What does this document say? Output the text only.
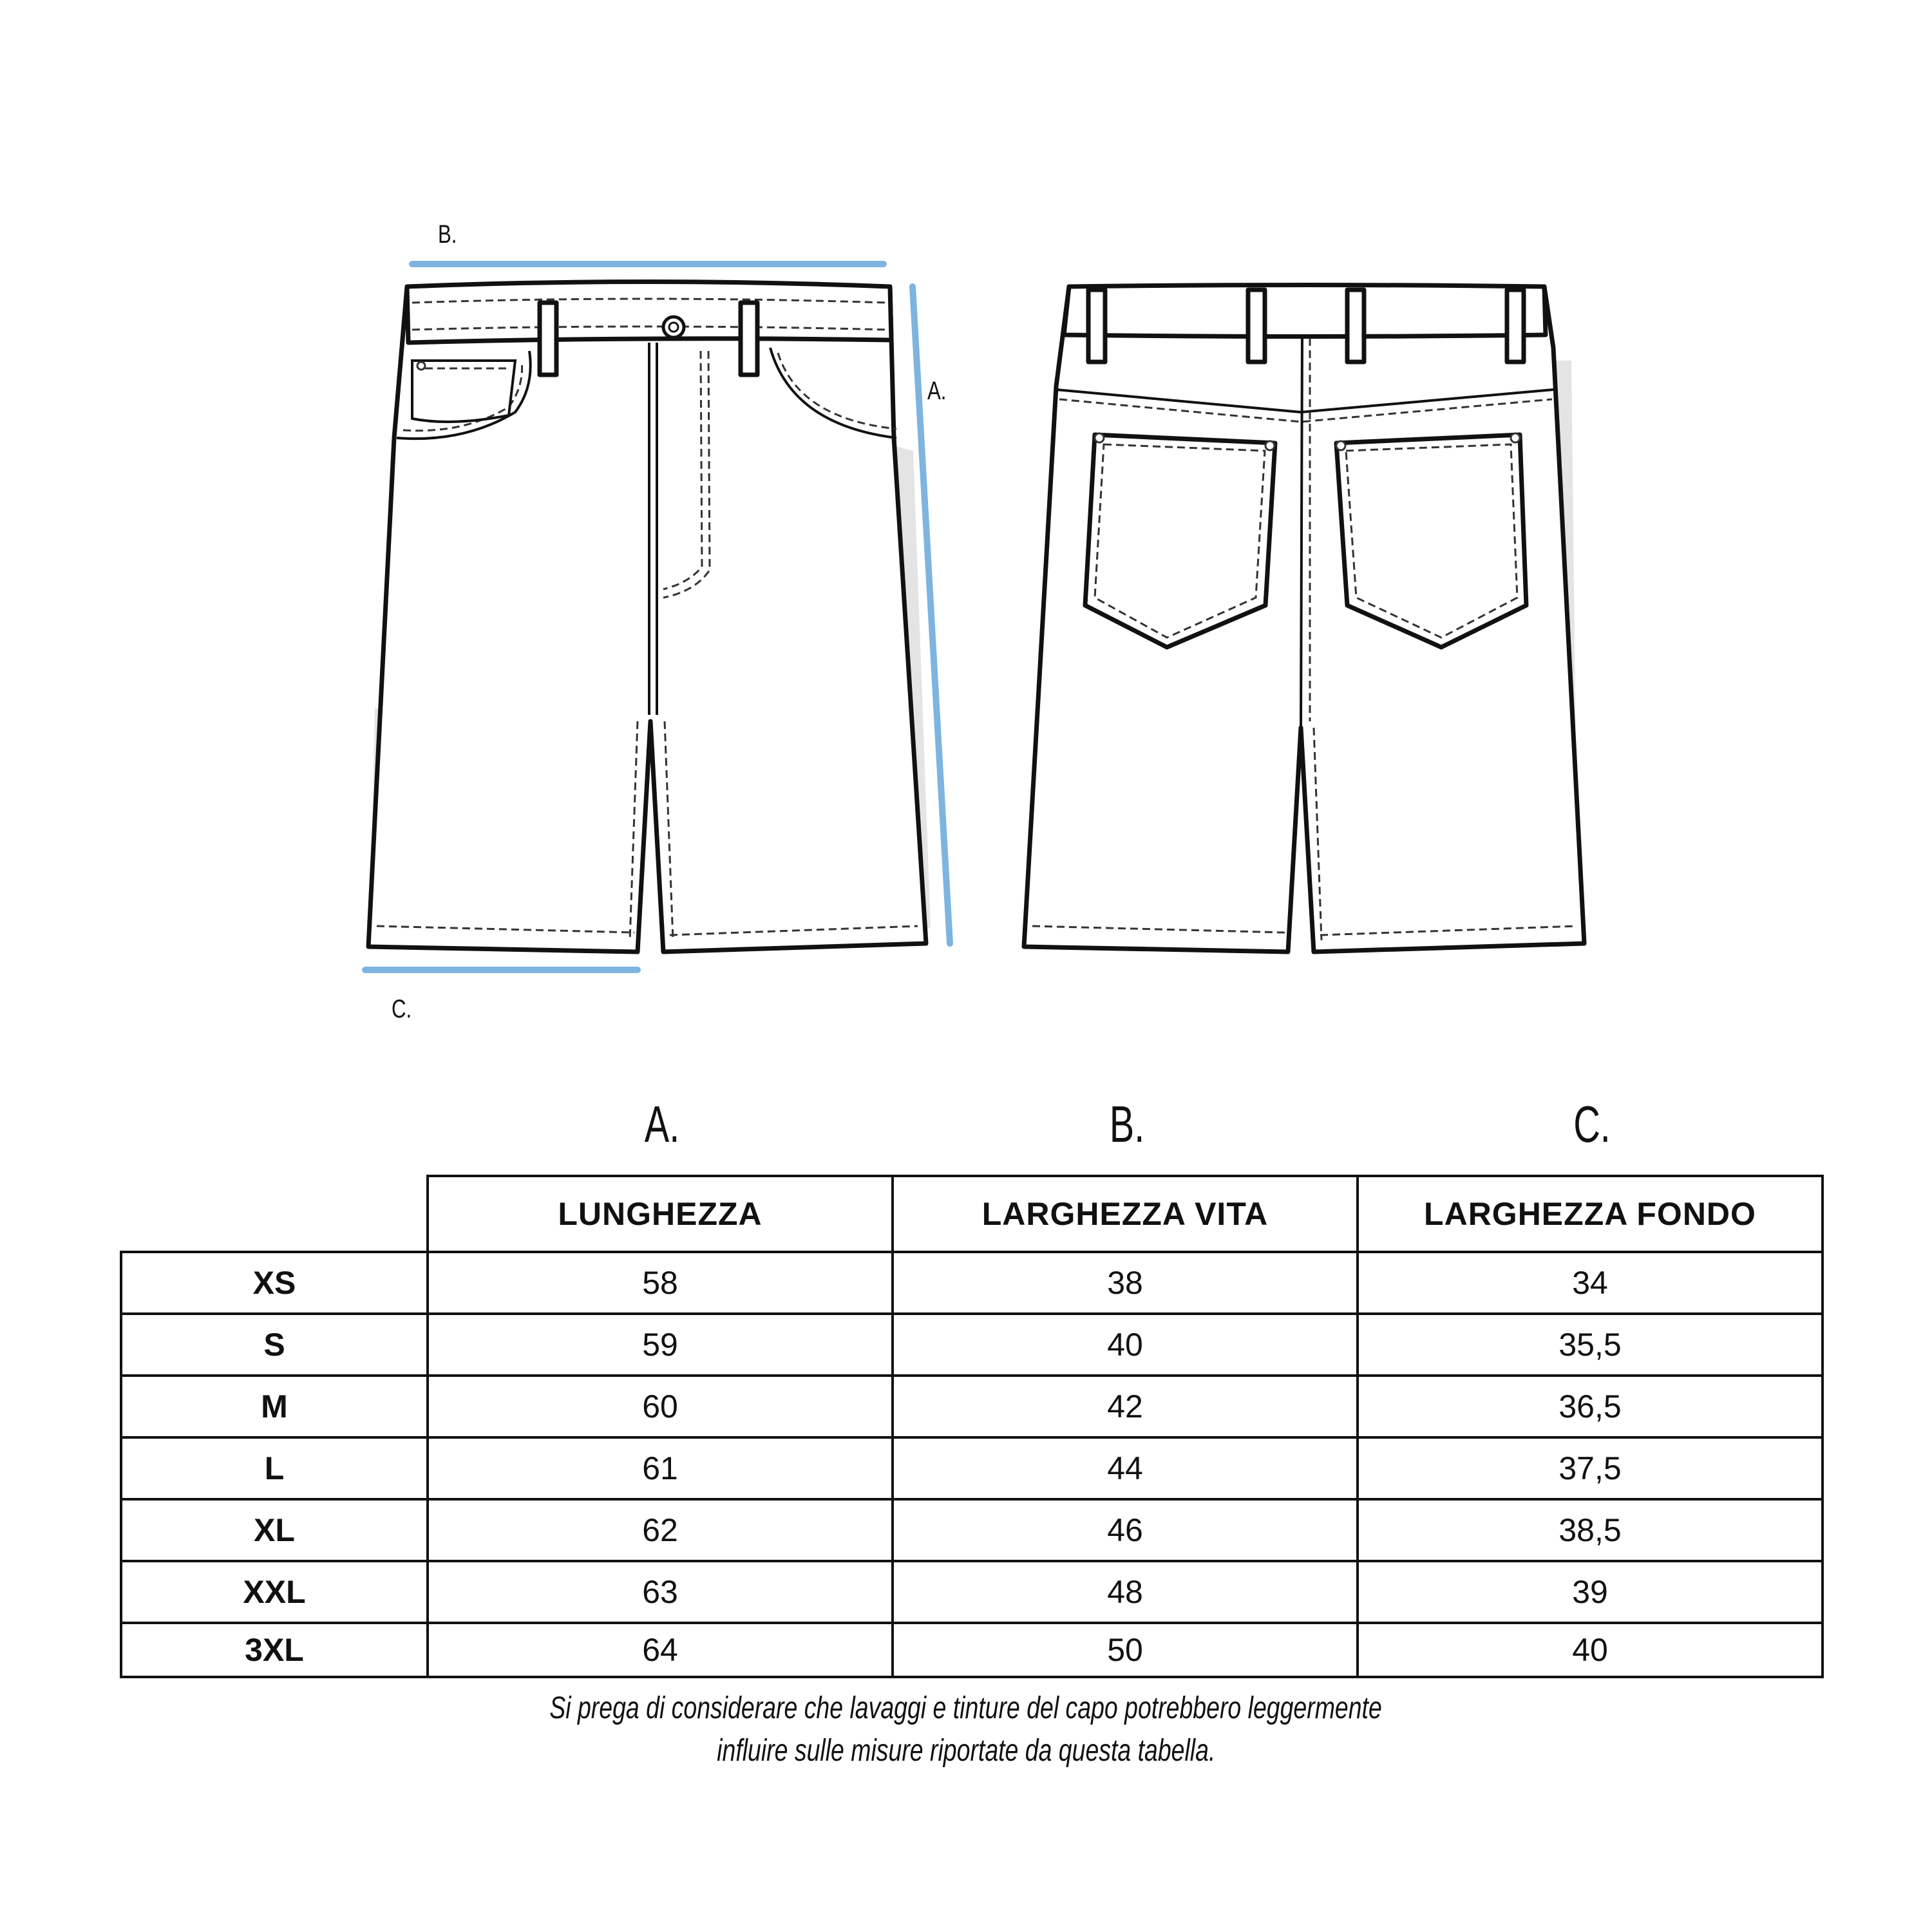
B.
A.
C.
A.	B.	C.
	LUNGHEZZA	LARGHEZZA VITA	LARGHEZZA FONDO
XS	58	38	34
S	59	40	35,5
M	60	42	36,5
L	61	44	37,5
XL	62	46	38,5
XXL	63	48	39
3XL	64	50	40
Si prega di considerare che lavaggi e tinture del capo potrebbero leggermente
influire sulle misure riportate da questa tabella.
